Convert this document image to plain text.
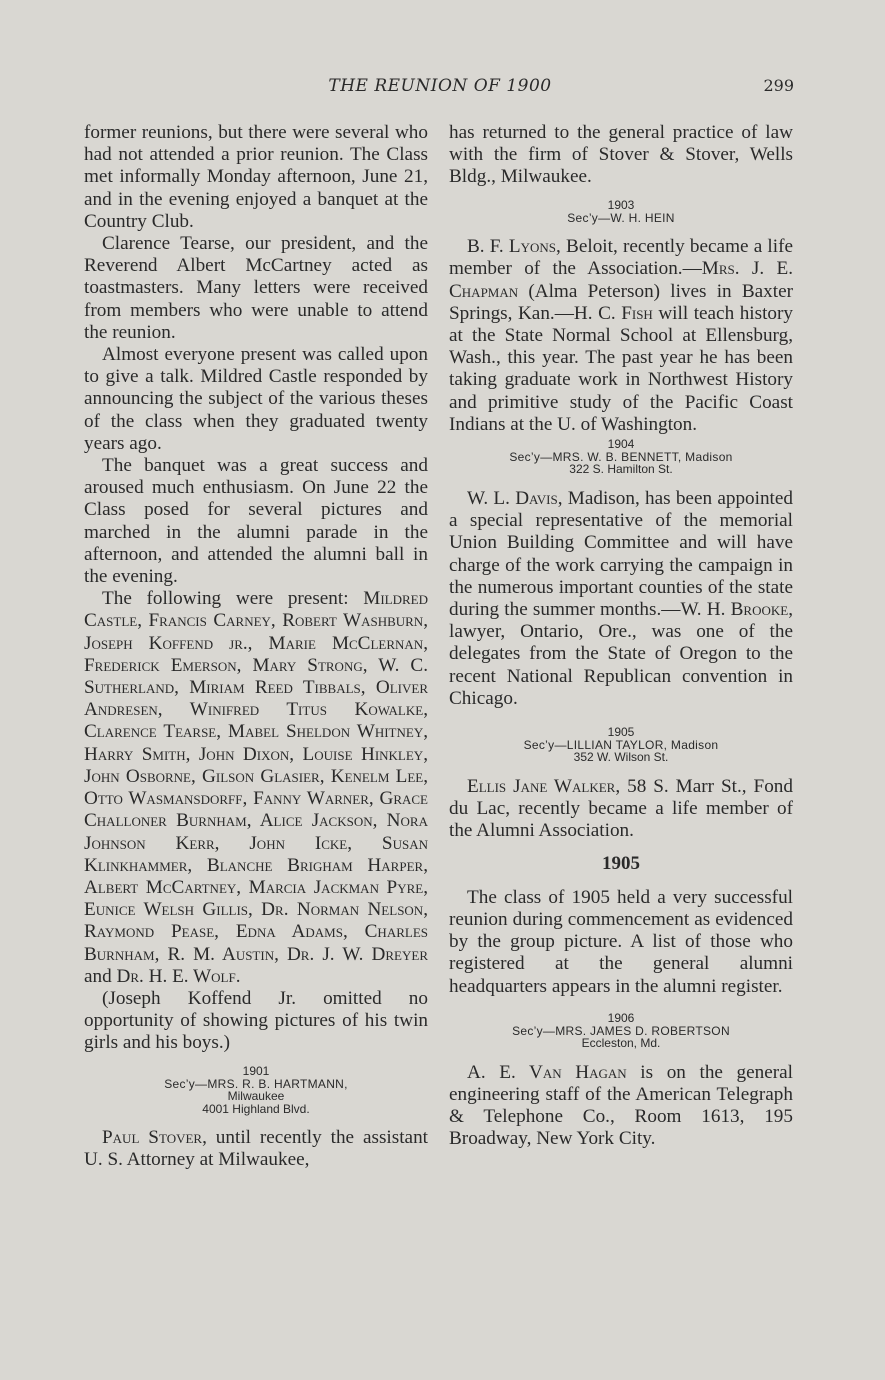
THE REUNION OF 1900	299

former reunions, but there were several who had not attended a prior reunion. The Class met informally Monday afternoon, June 21, and in the evening enjoyed a banquet at the Country Club.

Clarence Tearse, our president, and the Reverend Albert McCartney acted as toastmasters. Many letters were received from members who were unable to attend the reunion.

Almost everyone present was called upon to give a talk. Mildred Castle responded by announcing the subject of the various theses of the class when they graduated twenty years ago.

The banquet was a great success and aroused much enthusiasm. On June 22 the Class posed for several pictures and marched in the alumni parade in the afternoon, and attended the alumni ball in the evening.

The following were present: Mildred Castle, Francis Carney, Robert Washburn, Joseph Koffend jr., Marie McClernan, Frederick Emerson, Mary Strong, W. C. Sutherland, Miriam Reed Tibbals, Oliver Andresen, Winifred Titus Kowalke, Clarence Tearse, Mabel Sheldon Whitney, Harry Smith, John Dixon, Louise Hinkley, John Osborne, Gilson Glasier, Kenelm Lee, Otto Wasmansdorff, Fanny Warner, Grace Challoner Burnham, Alice Jackson, Nora Johnson Kerr, John Icke, Susan Klinkhammer, Blanche Brigham Harper, Albert McCartney, Marcia Jackman Pyre, Eunice Welsh Gillis, Dr. Norman Nelson, Raymond Pease, Edna Adams, Charles Burnham, R. M. Austin, Dr. J. W. Dreyer and Dr. H. E. Wolf.

(Joseph Koffend Jr. omitted no opportunity of showing pictures of his twin girls and his boys.)

1901
Sec’y—MRS. R. B. HARTMANN,
Milwaukee
4001 Highland Blvd.

Paul Stover, until recently the assistant U. S. Attorney at Milwaukee,

has returned to the general practice of law with the firm of Stover & Stover, Wells Bldg., Milwaukee.

1903
Sec’y—W. H. HEIN

B. F. Lyons, Beloit, recently became a life member of the Association.—Mrs. J. E. Chapman (Alma Peterson) lives in Baxter Springs, Kan.—H. C. Fish will teach history at the State Normal School at Ellensburg, Wash., this year. The past year he has been taking graduate work in Northwest History and primitive study of the Pacific Coast Indians at the U. of Washington.

1904
Sec’y—MRS. W. B. BENNETT, Madison
322 S. Hamilton St.

W. L. Davis, Madison, has been appointed a special representative of the memorial Union Building Committee and will have charge of the work carrying the campaign in the numerous important counties of the state during the summer months.—W. H. Brooke, lawyer, Ontario, Ore., was one of the delegates from the State of Oregon to the recent National Republican convention in Chicago.

1905
Sec’y—LILLIAN TAYLOR, Madison
352 W. Wilson St.

Ellis Jane Walker, 58 S. Marr St., Fond du Lac, recently became a life member of the Alumni Association.

1905

The class of 1905 held a very successful reunion during commencement as evidenced by the group picture. A list of those who registered at the general alumni headquarters appears in the alumni register.

1906
Sec’y—MRS. JAMES D. ROBERTSON
Eccleston, Md.

A. E. Van Hagan is on the general engineering staff of the American Telegraph & Telephone Co., Room 1613, 195 Broadway, New York City.
